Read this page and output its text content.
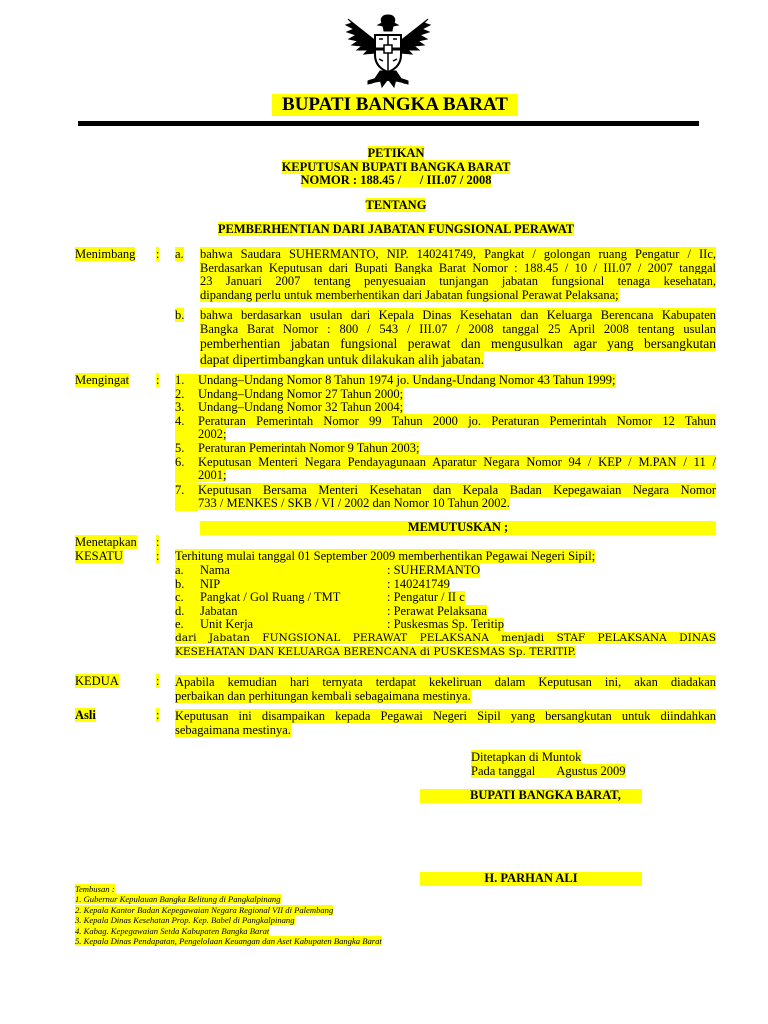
BUPATI BANGKA BARAT
PETIKAN
KEPUTUSAN BUPATI BANGKA BARAT
NOMOR : 188.45 /      / III.07 / 2008
TENTANG
PEMBERHENTIAN DARI JABATAN FUNGSIONAL PERAWAT
Menimbang : a. bahwa Saudara SUHERMANTO, NIP. 140241749, Pangkat / golongan ruang Pengatur / IIc,
Berdasarkan Keputusan dari Bupati Bangka Barat Nomor : 188.45 / 10 / III.07 / 2007 tanggal
23 Januari 2007 tentang penyesuaian tunjangan jabatan fungsional tenaga kesehatan,
dipandang perlu untuk memberhentikan dari Jabatan fungsional Perawat Pelaksana;
b. bahwa berdasarkan usulan dari Kepala Dinas Kesehatan dan Keluarga Berencana Kabupaten
Bangka Barat Nomor : 800 / 543 / III.07 / 2008 tanggal 25 April 2008 tentang usulan
pemberhentian jabatan fungsional perawat dan mengusulkan agar yang bersangkutan
dapat dipertimbangkan untuk dilakukan alih jabatan.
Mengingat : 1.	Undang–Undang Nomor 8 Tahun 1974 jo. Undang-Undang Nomor 43 Tahun 1999;
2.	Undang–Undang Nomor 27 Tahun 2000;
3.	Undang–Undang Nomor 32 Tahun 2004;
4.	Peraturan Pemerintah Nomor 99 Tahun 2000 jo. Peraturan Pemerintah Nomor 12 Tahun
2002;
5.	Peraturan Pemerintah Nomor 9 Tahun 2003;
6.	Keputusan Menteri Negara Pendayagunaan Aparatur Negara Nomor 94 / KEP / M.PAN / 11 /
2001;
7.	Keputusan Bersama Menteri Kesehatan dan Kepala Badan Kepegawaian Negara Nomor
733 / MENKES / SKB / VI / 2002 dan Nomor 10 Tahun 2002.
MEMUTUSKAN ;
Menetapkan :
KESATU	: Terhitung mulai tanggal 01 September 2009 memberhentikan Pegawai Negeri Sipil;
a.	Nama	: SUHERMANTO
b.	NIP	: 140241749
c.	Pangkat / Gol Ruang / TMT	: Pengatur / II c
d.	Jabatan	: Perawat Pelaksana
e.	Unit Kerja	: Puskesmas Sp. Teritip
dari Jabatan FUNGSIONAL PERAWAT PELAKSANA menjadi STAF PELAKSANA DINAS
KESEHATAN DAN KELUARGA BERENCANA di PUSKESMAS Sp. TERITIP.
KEDUA	: Apabila kemudian hari ternyata terdapat kekeliruan dalam Keputusan ini, akan diadakan
perbaikan dan perhitungan kembali sebagaimana mestinya.
Asli	: Keputusan ini disampaikan kepada Pegawai Negeri Sipil yang bersangkutan untuk diindahkan
sebagaimana mestinya.
Ditetapkan di Muntok
Pada tanggal       Agustus 2009
BUPATI BANGKA BARAT,
H. PARHAN ALI
Tembusan :
1. Gubernur Kepulauan Bangka Belitung di Pangkalpinang
2. Kepala Kantor Badan Kepegawaian Negara Regional VII di Palembang
3. Kepala Dinas Kesehatan Prop. Kep. Babel di Pangkalpinang
4. Kabag. Kepegawaian Setda Kabupaten Bangka Barat
5. Kepala Dinas Pendapatan, Pengelolaan Keuangan dan Aset Kabupaten Bangka Barat
